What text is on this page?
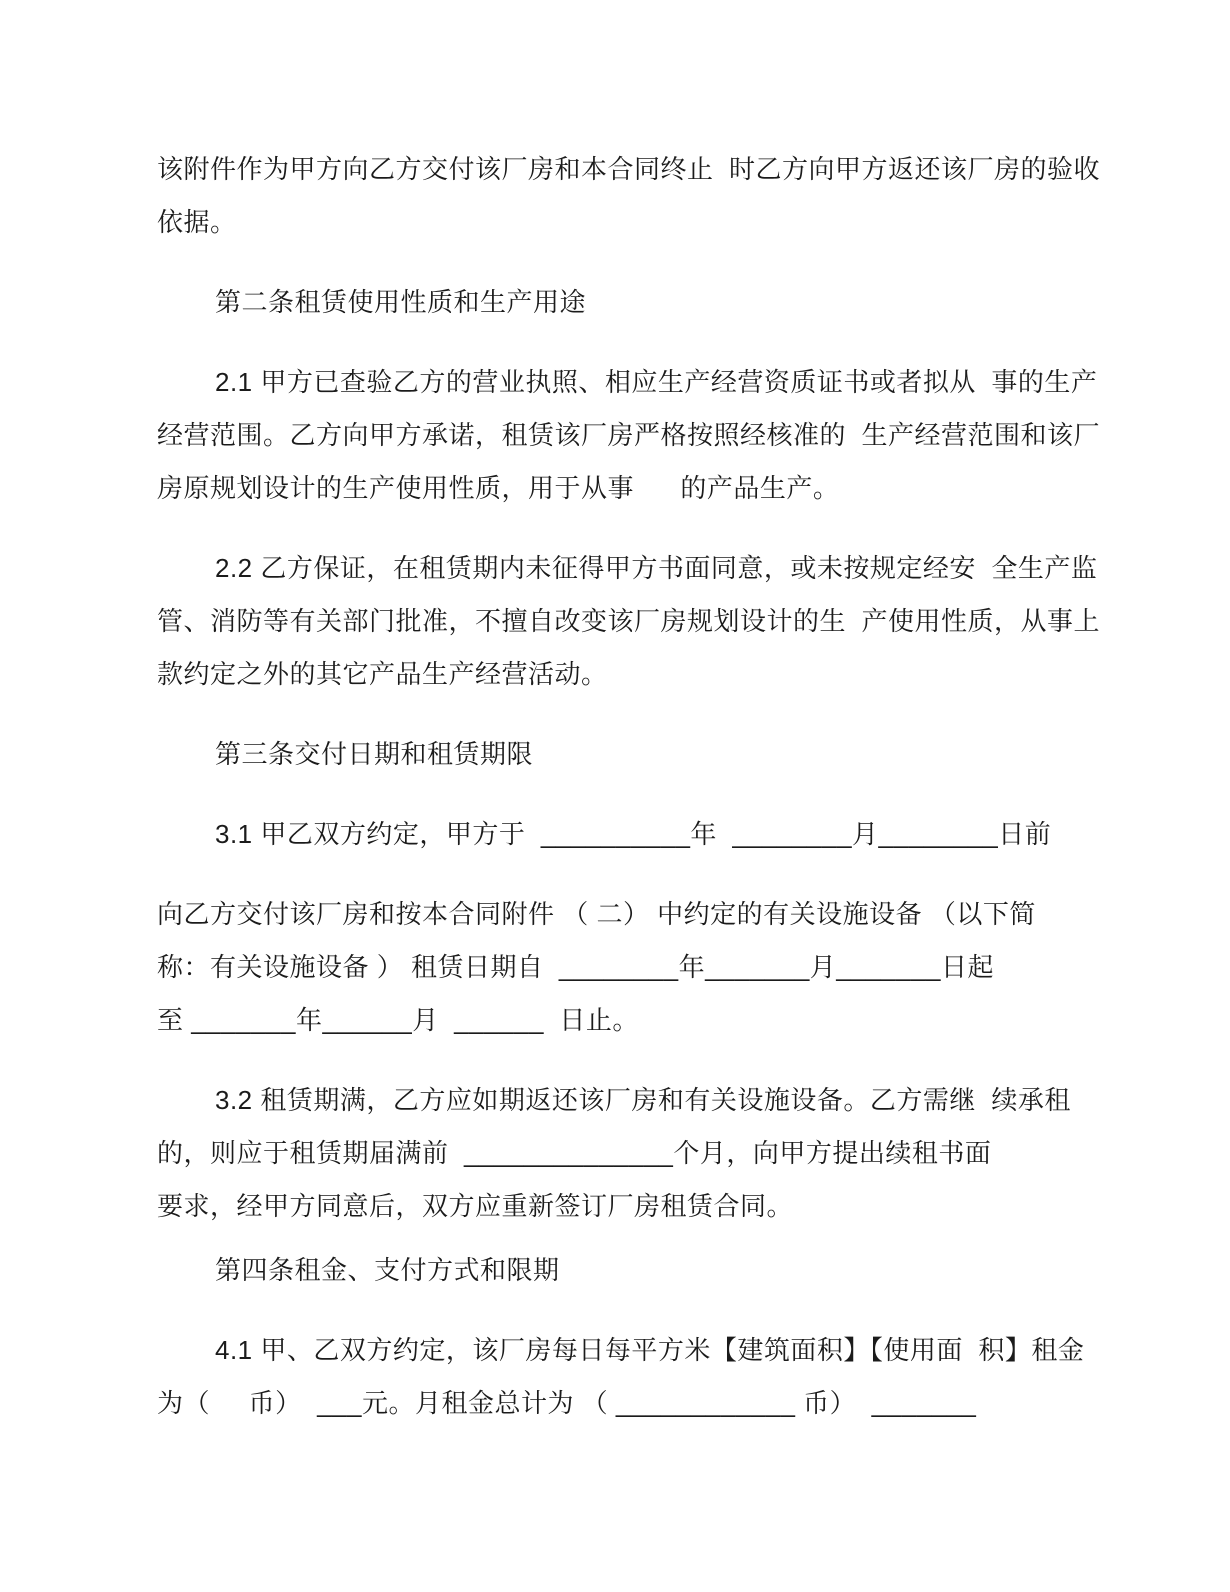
该附件作为甲方向乙方交付该厂房和本合同终止  时乙方向甲方返还该厂房的验收
依据。
第二条租赁使用性质和生产用途
2.1 甲方已查验乙方的营业执照、相应生产经营资质证书或者拟从  事的生产
经营范围。乙方向甲方承诺，租赁该厂房严格按照经核准的  生产经营范围和该厂
房原规划设计的生产使用性质，用于从事      的产品生产。
2.2 乙方保证，在租赁期内未征得甲方书面同意，或未按规定经安  全生产监
管、消防等有关部门批准，不擅自改变该厂房规划设计的生  产使用性质，从事上
款约定之外的其它产品生产经营活动。
第三条交付日期和租赁期限
3.1 甲乙双方约定，甲方于  __________年  ________月________日前
向乙方交付该厂房和按本合同附件 （ 二） 中约定的有关设施设备 （以下简
称：有关设施设备 ） 租赁日期自  ________年_______月_______日起
至 _______年______月  ______  日止。
3.2 租赁期满，乙方应如期返还该厂房和有关设施设备。乙方需继  续承租
的，则应于租赁期届满前  ______________个月，向甲方提出续租书面
要求，经甲方同意后，双方应重新签订厂房租赁合同。
第四条租金、支付方式和限期
4.1 甲、乙双方约定，该厂房每日每平方米【建筑面积】【使用面  积】租金
为（     币）  ___元。月租金总计为 （ ____________ 币）  _______
